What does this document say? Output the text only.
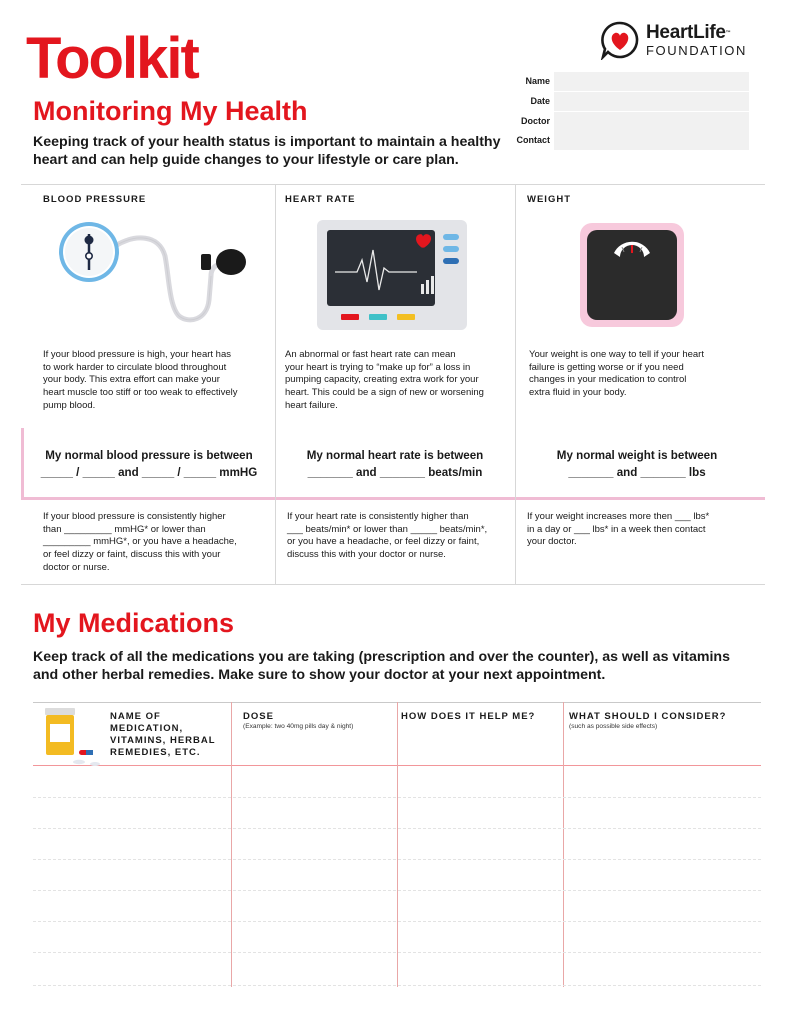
Toolkit
Monitoring My Health
Keeping track of your health status is important to maintain a healthy
heart and can help guide changes to your lifestyle or care plan.
HeartLife™
FOUNDATION
Name
Date
Doctor
Contact
BLOOD PRESSURE
If your blood pressure is high, your heart has
to work harder to circulate blood throughout
your body. This extra effort can make your
heart muscle too stiff or too weak to effectively
pump blood.
My normal blood pressure is between
_____ / _____ and _____ / _____ mmHG
If your blood pressure is consistently higher
than _________ mmHG* or lower than
_________ mmHG*, or you have a headache,
or feel dizzy or faint, discuss this with your
doctor or nurse.
HEART RATE
An abnormal or fast heart rate can mean
your heart is trying to “make up for” a loss in
pumping capacity, creating extra work for your
heart. This could be a sign of new or worsening
heart failure.
My normal heart rate is between
_______ and _______ beats/min
If your heart rate is consistently higher than
___ beats/min* or lower than _____ beats/min*,
or you have a headache, or feel dizzy or faint,
discuss this with your doctor or nurse.
WEIGHT
Your weight is one way to tell if your heart
failure is getting worse or if you need
changes in your medication to control
extra fluid in your body.
My normal weight is between
_______ and _______ lbs
If your weight increases more then ___ lbs*
in a day or ___ lbs* in a week then contact
your doctor.
My Medications
Keep track of all the medications you are taking (prescription and over the counter), as well as vitamins
and other herbal remedies. Make sure to show your doctor at your next appointment.
NAME OF
MEDICATION,
VITAMINS, HERBAL
REMEDIES, ETC.
DOSE
(Example: two 40mg pills day & night)
HOW DOES IT HELP ME?	WHAT SHOULD I CONSIDER?
(such as possible side effects)
